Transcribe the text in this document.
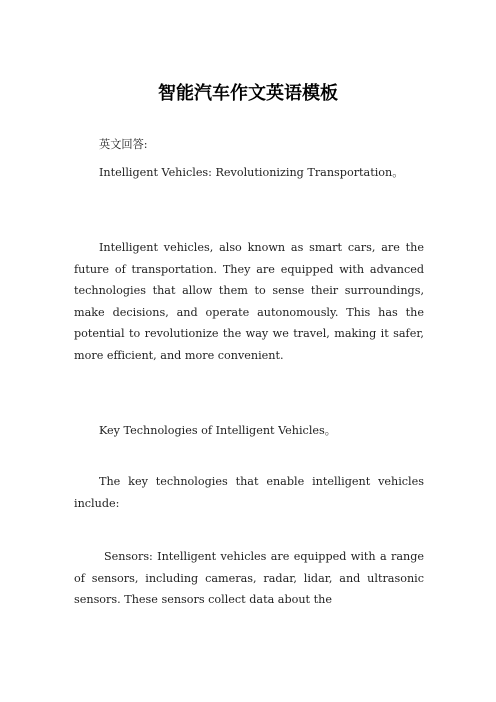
智能汽车作文英语模板

英文回答:

Intelligent Vehicles: Revolutionizing Transportation。

Intelligent vehicles, also known as smart cars, are the future of transportation. They are equipped with advanced technologies that allow them to sense their surroundings, make decisions, and operate autonomously. This has the potential to revolutionize the way we travel, making it safer, more efficient, and more convenient.

Key Technologies of Intelligent Vehicles。

The key technologies that enable intelligent vehicles include:

Sensors: Intelligent vehicles are equipped with a range of sensors, including cameras, radar, lidar, and ultrasonic sensors. These sensors collect data about the
